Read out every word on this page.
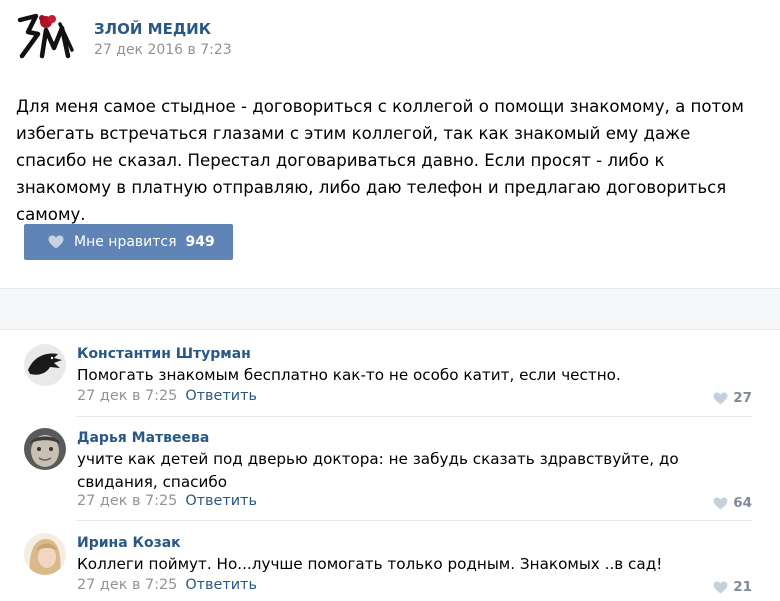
ЗЛОЙ МЕДИК
27 дек 2016 в 7:23
Для меня самое стыдное - договориться с коллегой о помощи знакомому, а потом избегать встречаться глазами с этим коллегой, так как знакомый ему даже спасибо не сказал. Перестал договариваться давно. Если просят - либо к знакомому в платную отправляю, либо даю телефон и предлагаю договориться самому.
Мне нравится 949
Константин Штурман
Помогать знакомым бесплатно как-то не особо катит, если честно.
27 дек в 7:25 Ответить	27
Дарья Матвеева
учите как детей под дверью доктора: не забудь сказать здравствуйте, до свидания, спасибо
27 дек в 7:25 Ответить	64
Ирина Козак
Коллеги поймут. Но...лучше помогать только родным. Знакомых ..в сад!
27 дек в 7:25 Ответить	21
